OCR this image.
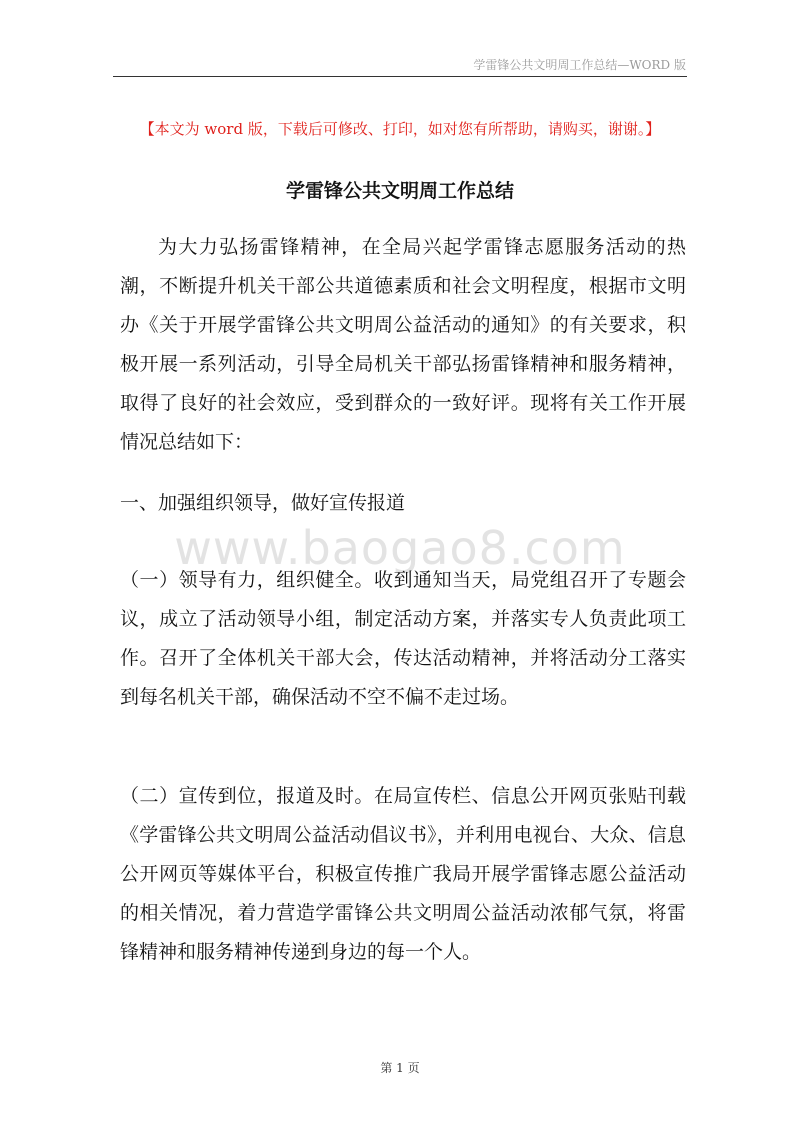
学雷锋公共文明周工作总结—WORD 版
【本文为 word 版，下载后可修改、打印，如对您有所帮助，请购买，谢谢。】
学雷锋公共文明周工作总结

为大力弘扬雷锋精神，在全局兴起学雷锋志愿服务活动的热潮，不断提升机关干部公共道德素质和社会文明程度，根据市文明办《关于开展学雷锋公共文明周公益活动的通知》的有关要求，积极开展一系列活动，引导全局机关干部弘扬雷锋精神和服务精神，取得了良好的社会效应，受到群众的一致好评。现将有关工作开展情况总结如下：

一、加强组织领导，做好宣传报道

www.baogao8.com

（一）领导有力，组织健全。收到通知当天，局党组召开了专题会议，成立了活动领导小组，制定活动方案，并落实专人负责此项工作。召开了全体机关干部大会，传达活动精神，并将活动分工落实到每名机关干部，确保活动不空不偏不走过场。

（二）宣传到位，报道及时。在局宣传栏、信息公开网页张贴刊载《学雷锋公共文明周公益活动倡议书》，并利用电视台、大众、信息公开网页等媒体平台，积极宣传推广我局开展学雷锋志愿公益活动的相关情况，着力营造学雷锋公共文明周公益活动浓郁气氛，将雷锋精神和服务精神传递到身边的每一个人。

第 1 页
